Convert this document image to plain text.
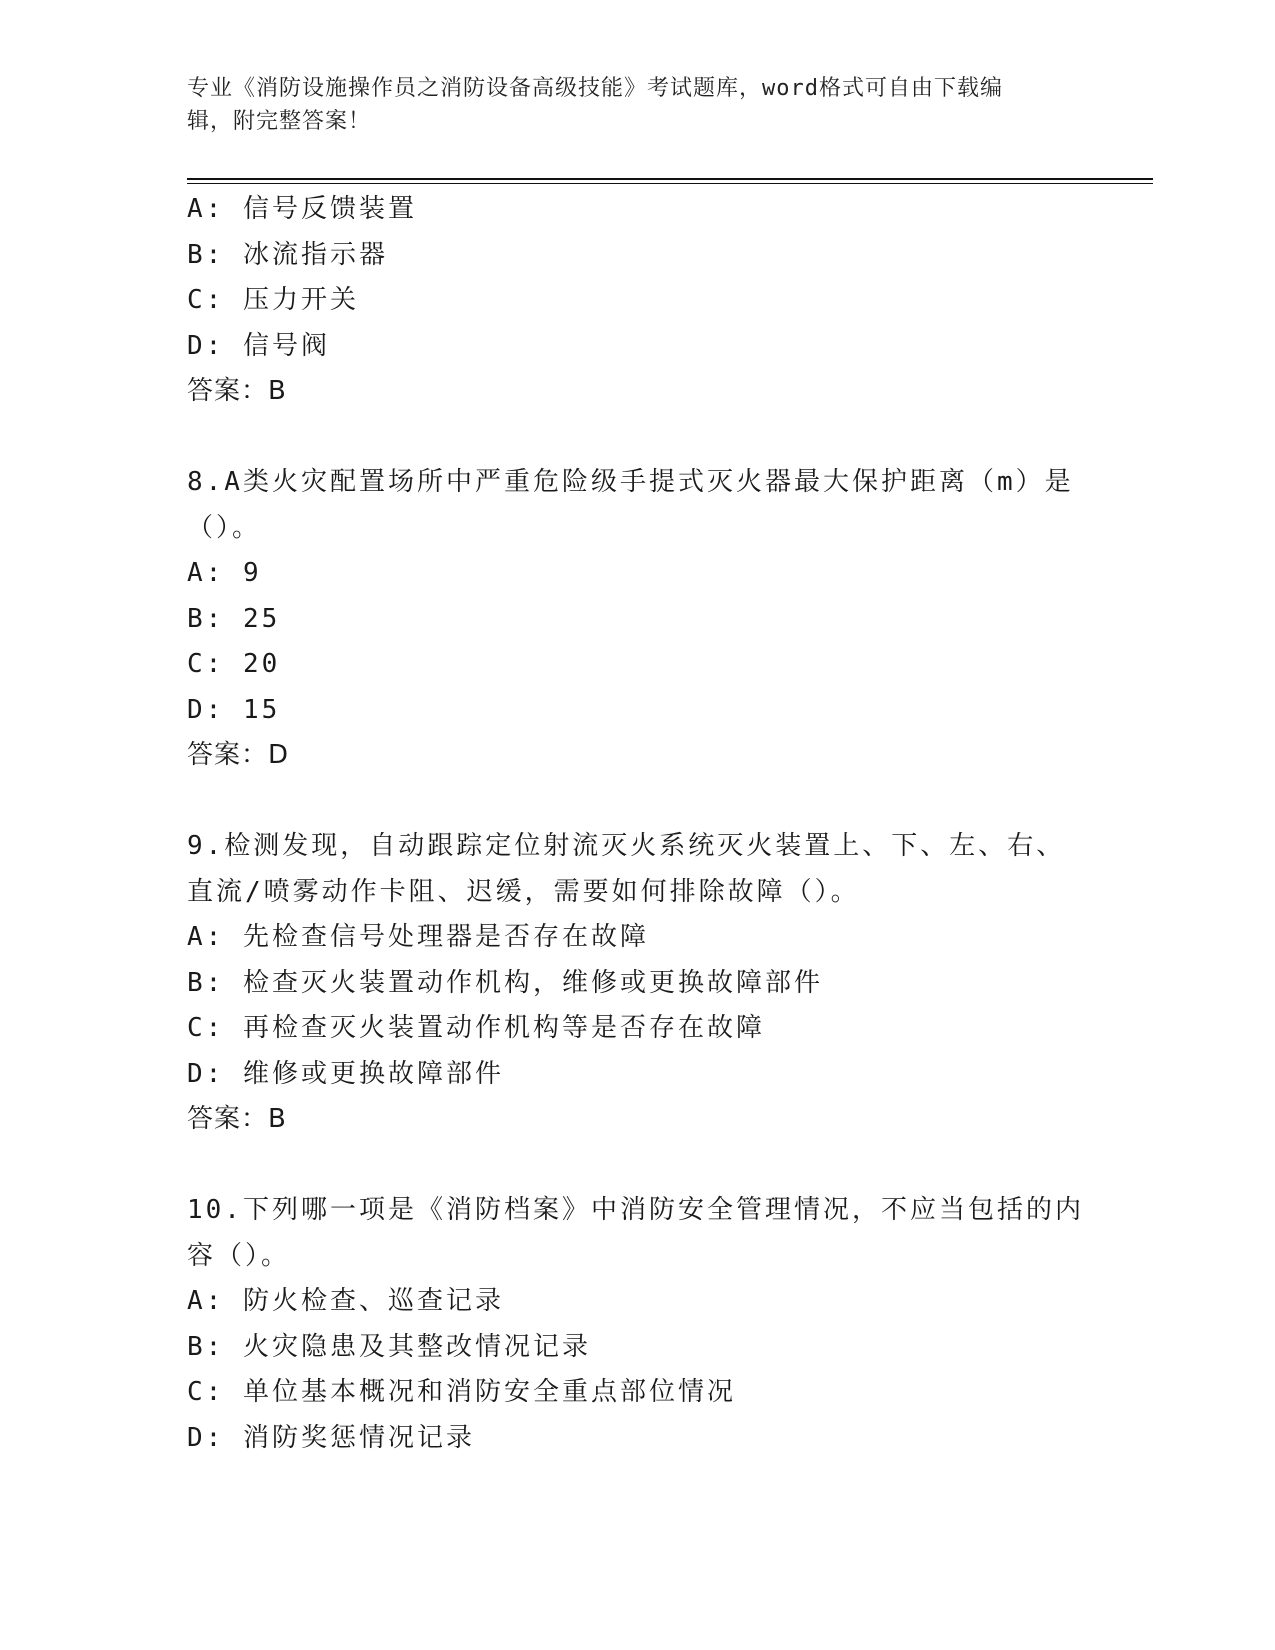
专业《消防设施操作员之消防设备高级技能》考试题库，word格式可自由下载编
辑，附完整答案！
A: 信号反馈装置
B: 冰流指示器
C: 压力开关
D: 信号阀
答案：B
8.A类火灾配置场所中严重危险级手提式灭火器最大保护距离（m）是
（）。
A: 9
B: 25
C: 20
D: 15
答案：D
9.检测发现，自动跟踪定位射流灭火系统灭火装置上、下、左、右、
直流/喷雾动作卡阻、迟缓，需要如何排除故障（）。
A: 先检查信号处理器是否存在故障
B: 检查灭火装置动作机构，维修或更换故障部件
C: 再检查灭火装置动作机构等是否存在故障
D: 维修或更换故障部件
答案：B
10.下列哪一项是《消防档案》中消防安全管理情况，不应当包括的内
容（）。
A: 防火检查、巡查记录
B: 火灾隐患及其整改情况记录
C: 单位基本概况和消防安全重点部位情况
D: 消防奖惩情况记录
